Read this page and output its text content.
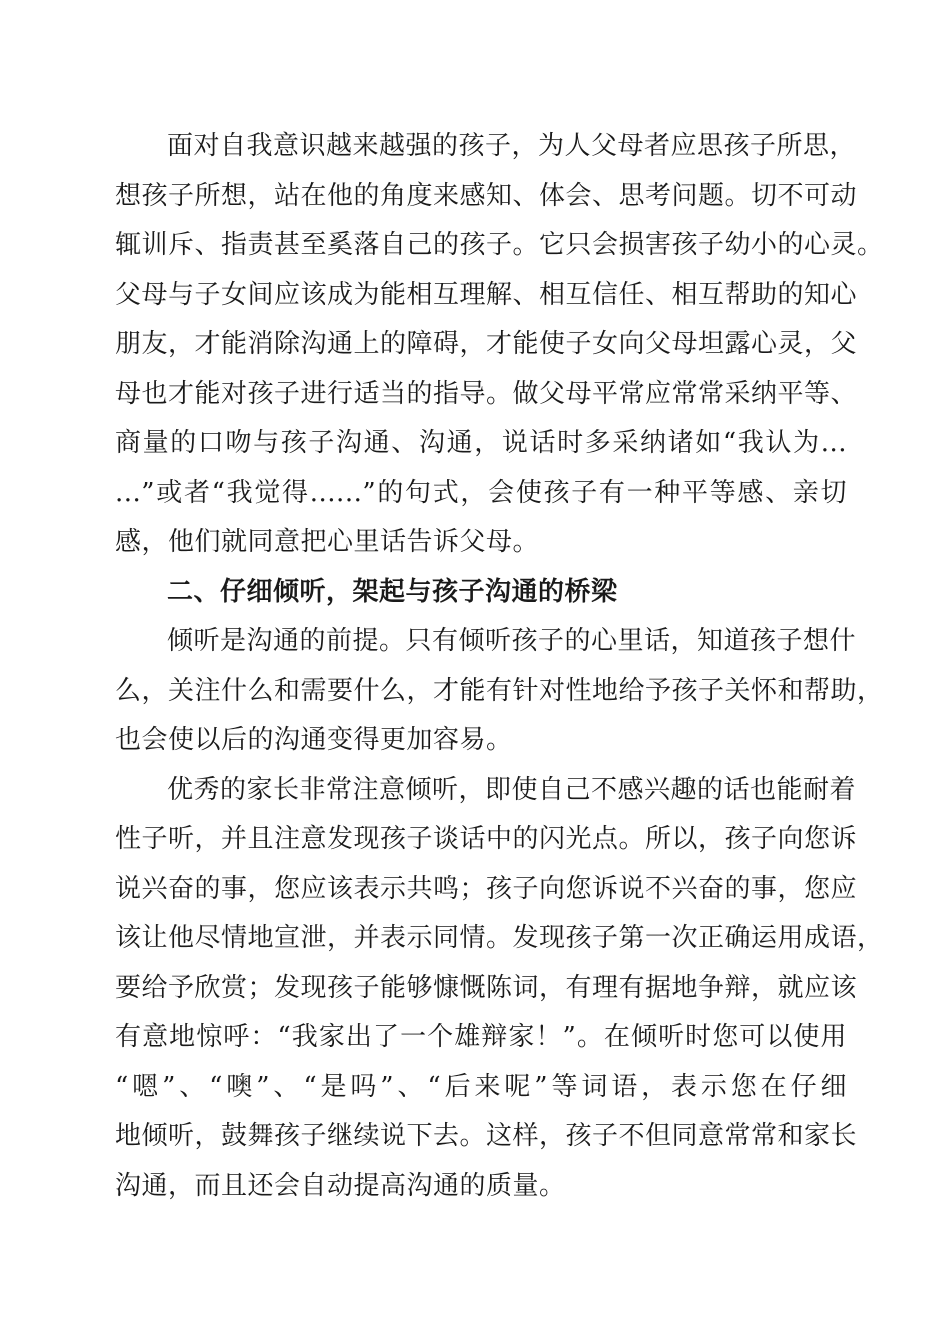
面对自我意识越来越强的孩子，为人父母者应思孩子所思，
想孩子所想，站在他的角度来感知、体会、思考问题。切不可动
辄训斥、指责甚至奚落自己的孩子。它只会损害孩子幼小的心灵。
父母与子女间应该成为能相互理解、相互信任、相互帮助的知心
朋友，才能消除沟通上的障碍，才能使子女向父母坦露心灵，父
母也才能对孩子进行适当的指导。做父母平常应常常采纳平等、
商量的口吻与孩子沟通、沟通，说话时多采纳诸如“我认为...
...”或者“我觉得......”的句式，会使孩子有一种平等感、亲切
感，他们就同意把心里话告诉父母。
二、仔细倾听，架起与孩子沟通的桥梁
倾听是沟通的前提。只有倾听孩子的心里话，知道孩子想什
么，关注什么和需要什么，才能有针对性地给予孩子关怀和帮助，
也会使以后的沟通变得更加容易。
优秀的家长非常注意倾听，即使自己不感兴趣的话也能耐着
性子听，并且注意发现孩子谈话中的闪光点。所以，孩子向您诉
说兴奋的事，您应该表示共鸣；孩子向您诉说不兴奋的事，您应
该让他尽情地宣泄，并表示同情。发现孩子第一次正确运用成语，
要给予欣赏；发现孩子能够慷慨陈词，有理有据地争辩，就应该
有意地惊呼：“我家出了一个雄辩家！”。在倾听时您可以使用
“嗯”、“噢”、“是吗”、“后来呢”等词语，表示您在仔细
地倾听，鼓舞孩子继续说下去。这样，孩子不但同意常常和家长
沟通，而且还会自动提高沟通的质量。
